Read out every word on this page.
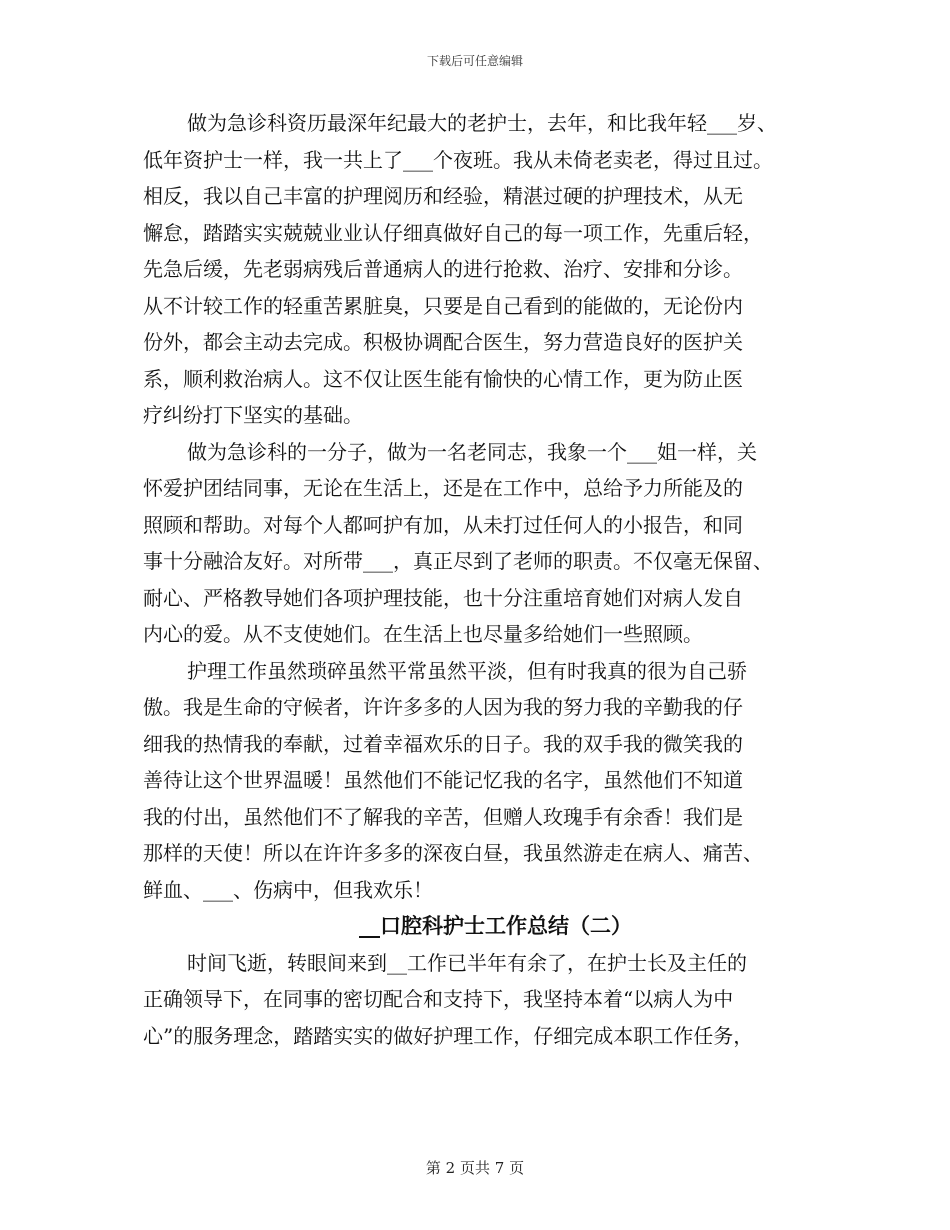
下载后可任意编辑
做为急诊科资历最深年纪最大的老护士，去年，和比我年轻___岁、
低年资护士一样，我一共上了___个夜班。我从未倚老卖老，得过且过。
相反，我以自己丰富的护理阅历和经验，精湛过硬的护理技术，从无
懈怠，踏踏实实兢兢业业认仔细真做好自己的每一项工作，先重后轻，
先急后缓，先老弱病残后普通病人的进行抢救、治疗、安排和分诊。
从不计较工作的轻重苦累脏臭，只要是自己看到的能做的，无论份内
份外，都会主动去完成。积极协调配合医生，努力营造良好的医护关
系，顺利救治病人。这不仅让医生能有愉快的心情工作，更为防止医
疗纠纷打下坚实的基础。
做为急诊科的一分子，做为一名老同志，我象一个___姐一样，关
怀爱护团结同事，无论在生活上，还是在工作中，总给予力所能及的
照顾和帮助。对每个人都呵护有加，从未打过任何人的小报告，和同
事十分融洽友好。对所带___，真正尽到了老师的职责。不仅毫无保留、
耐心、严格教导她们各项护理技能，也十分注重培育她们对病人发自
内心的爱。从不支使她们。在生活上也尽量多给她们一些照顾。
护理工作虽然琐碎虽然平常虽然平淡，但有时我真的很为自己骄
傲。我是生命的守候者，许许多多的人因为我的努力我的辛勤我的仔
细我的热情我的奉献，过着幸福欢乐的日子。我的双手我的微笑我的
善待让这个世界温暖！虽然他们不能记忆我的名字，虽然他们不知道
我的付出，虽然他们不了解我的辛苦，但赠人玫瑰手有余香！我们是
那样的天使！所以在许许多多的深夜白昼，我虽然游走在病人、痛苦、
鲜血、___、伤病中，但我欢乐！
__口腔科护士工作总结（二）
时间飞逝，转眼间来到__工作已半年有余了，在护士长及主任的
正确领导下，在同事的密切配合和支持下，我坚持本着“以病人为中
心”的服务理念，踏踏实实的做好护理工作，仔细完成本职工作任务，
第 2 页共 7 页
